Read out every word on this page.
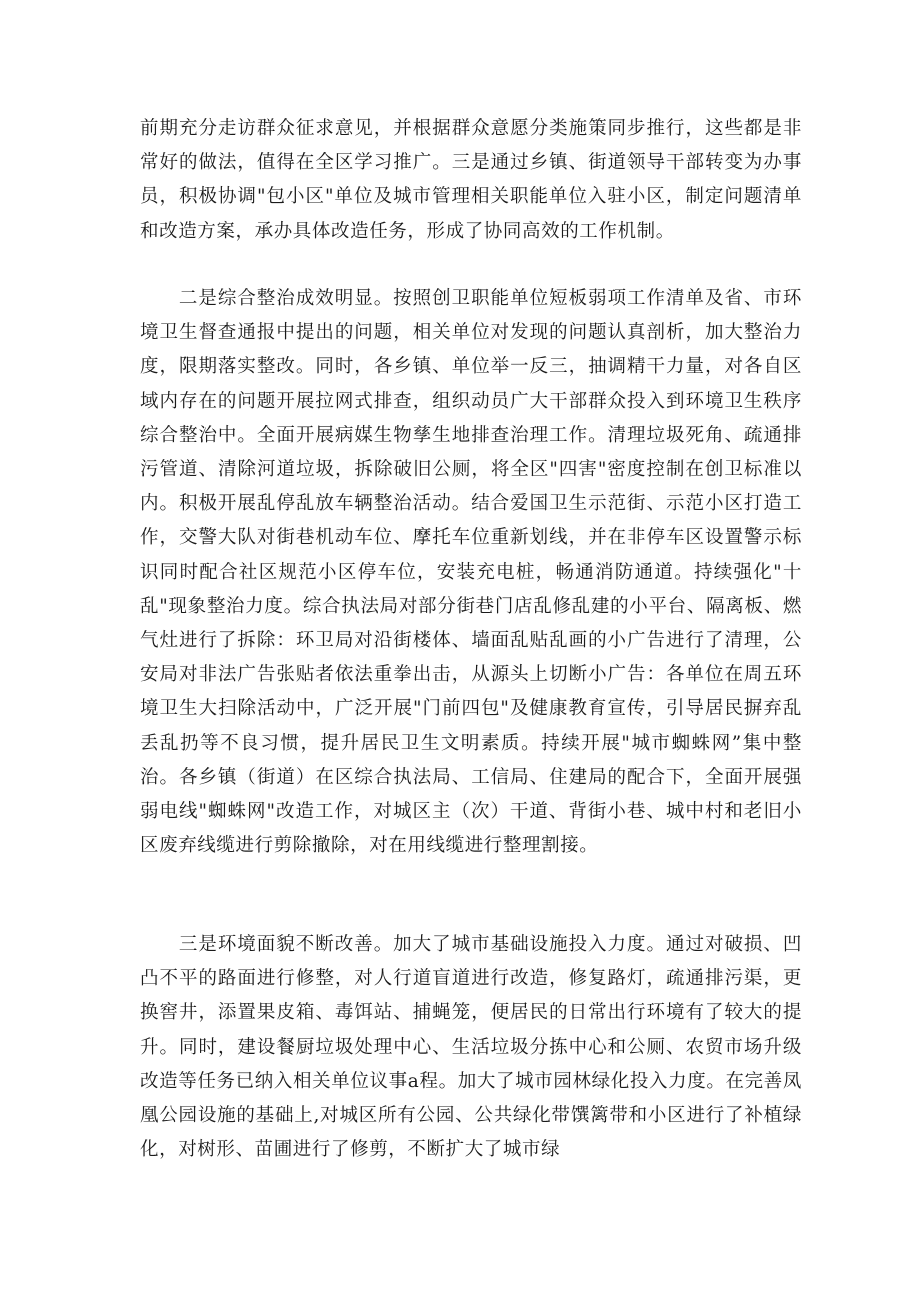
前期充分走访群众征求意见，并根据群众意愿分类施策同步推行，这些都是非常好的做法，值得在全区学习推广。三是通过乡镇、街道领导干部转变为办事员，积极协调"包小区"单位及城市管理相关职能单位入驻小区，制定问题清单和改造方案，承办具体改造任务，形成了协同高效的工作机制。

二是综合整治成效明显。按照创卫职能单位短板弱项工作清单及省、市环境卫生督查通报中提出的问题，相关单位对发现的问题认真剖析，加大整治力度，限期落实整改。同时，各乡镇、单位举一反三，抽调精干力量，对各自区域内存在的问题开展拉网式排查，组织动员广大干部群众投入到环境卫生秩序综合整治中。全面开展病媒生物孳生地排查治理工作。清理垃圾死角、疏通排污管道、清除河道垃圾，拆除破旧公厕，将全区"四害"密度控制在创卫标准以内。积极开展乱停乱放车辆整治活动。结合爱国卫生示范街、示范小区打造工作，交警大队对街巷机动车位、摩托车位重新划线，并在非停车区设置警示标识同时配合社区规范小区停车位，安装充电桩，畅通消防通道。持续强化"十乱"现象整治力度。综合执法局对部分街巷门店乱修乱建的小平台、隔离板、燃气灶进行了拆除：环卫局对沿街楼体、墙面乱贴乱画的小广告进行了清理，公安局对非法广告张贴者依法重拳出击，从源头上切断小广告：各单位在周五环境卫生大扫除活动中，广泛开展"门前四包"及健康教育宣传，引导居民摒弃乱丢乱扔等不良习惯，提升居民卫生文明素质。持续开展"城市蜘蛛网”集中整治。各乡镇（街道）在区综合执法局、工信局、住建局的配合下，全面开展强弱电线"蜘蛛网"改造工作，对城区主（次）干道、背街小巷、城中村和老旧小区废弃线缆进行剪除撤除，对在用线缆进行整理割接。

三是环境面貌不断改善。加大了城市基础设施投入力度。通过对破损、凹凸不平的路面进行修整，对人行道盲道进行改造，修复路灯，疏通排污渠，更换窖井，添置果皮箱、毒饵站、捕蝇笼，便居民的日常出行环境有了较大的提升。同时，建设餐厨垃圾处理中心、生活垃圾分拣中心和公厕、农贸市场升级改造等任务已纳入相关单位议事a程。加大了城市园林绿化投入力度。在完善凤凰公园设施的基础上,对城区所有公园、公共绿化带馔篱带和小区进行了补植绿化，对树形、苗圃进行了修剪，不断扩大了城市绿
